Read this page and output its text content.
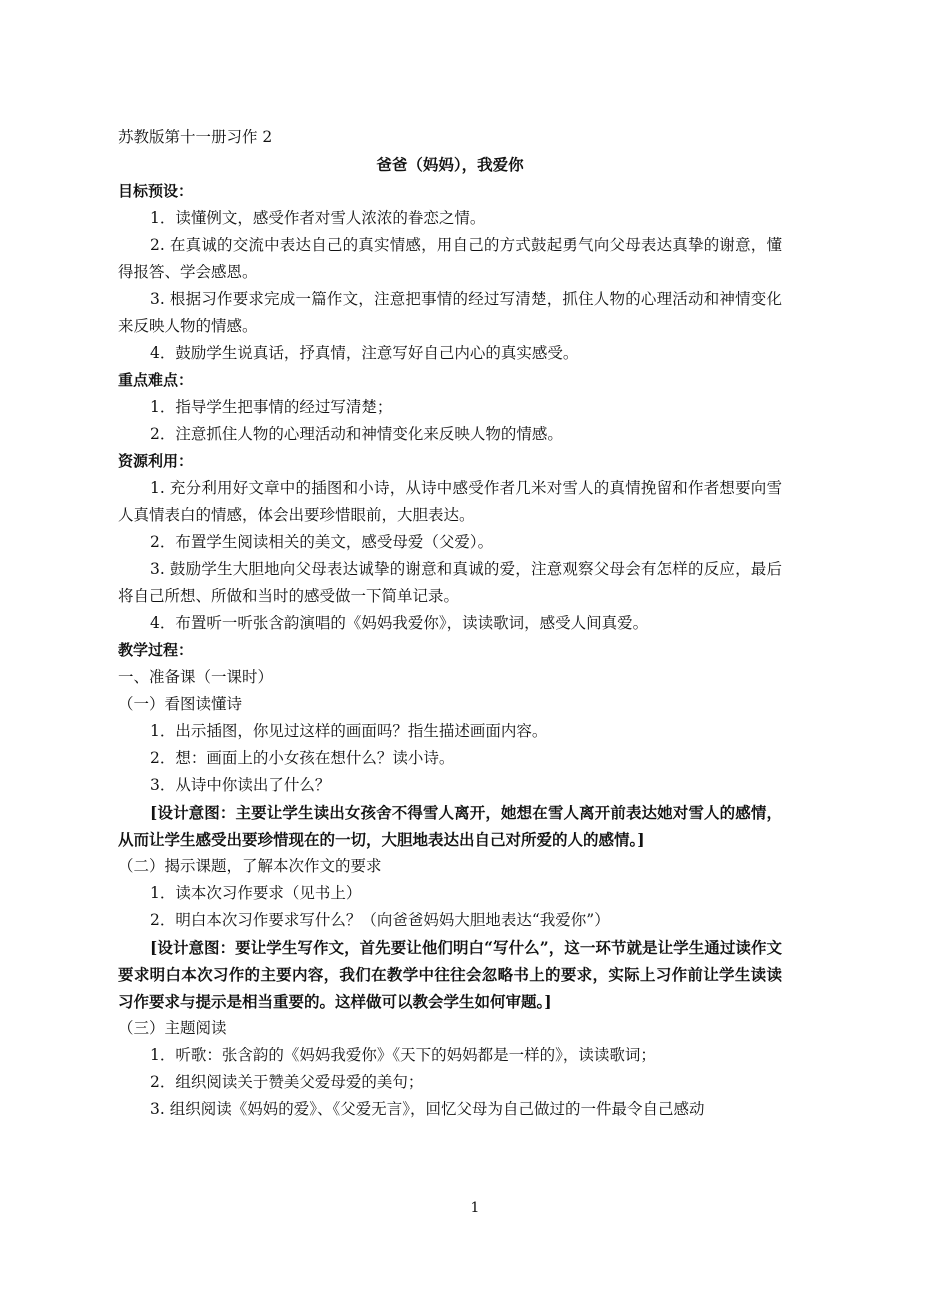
苏教版第十一册习作 2
爸爸（妈妈），我爱你
目标预设：

1．读懂例文，感受作者对雪人浓浓的眷恋之情。

2. 在真诚的交流中表达自己的真实情感，用自己的方式鼓起勇气向父母表达真挚的谢意，懂得报答、学会感恩。

3. 根据习作要求完成一篇作文，注意把事情的经过写清楚，抓住人物的心理活动和神情变化来反映人物的情感。

4．鼓励学生说真话，抒真情，注意写好自己内心的真实感受。

重点难点：

1．指导学生把事情的经过写清楚；

2．注意抓住人物的心理活动和神情变化来反映人物的情感。

资源利用：

1. 充分利用好文章中的插图和小诗，从诗中感受作者几米对雪人的真情挽留和作者想要向雪人真情表白的情感，体会出要珍惜眼前，大胆表达。

2．布置学生阅读相关的美文，感受母爱（父爱）。

3. 鼓励学生大胆地向父母表达诚挚的谢意和真诚的爱，注意观察父母会有怎样的反应，最后将自己所想、所做和当时的感受做一下简单记录。

4．布置听一听张含韵演唱的《妈妈我爱你》，读读歌词，感受人间真爱。

教学过程：
一、准备课（一课时）
（一）看图读懂诗

1．出示插图，你见过这样的画面吗？指生描述画面内容。

2．想：画面上的小女孩在想什么？读小诗。

3．从诗中你读出了什么？

[设计意图：主要让学生读出女孩舍不得雪人离开，她想在雪人离开前表达她对雪人的感情，从而让学生感受出要珍惜现在的一切，大胆地表达出自己对所爱的人的感情。]

（二）揭示课题，了解本次作文的要求

1．读本次习作要求（见书上）

2．明白本次习作要求写什么？（向爸爸妈妈大胆地表达“我爱你”）

[设计意图：要让学生写作文，首先要让他们明白“写什么”，这一环节就是让学生通过读作文要求明白本次习作的主要内容，我们在教学中往往会忽略书上的要求，实际上习作前让学生读读习作要求与提示是相当重要的。这样做可以教会学生如何审题。]

（三）主题阅读

1．听歌：张含韵的《妈妈我爱你》《天下的妈妈都是一样的》，读读歌词；

2．组织阅读关于赞美父爱母爱的美句；

3. 组织阅读《妈妈的爱》、《父爱无言》，回忆父母为自己做过的一件最令自己感动

1
